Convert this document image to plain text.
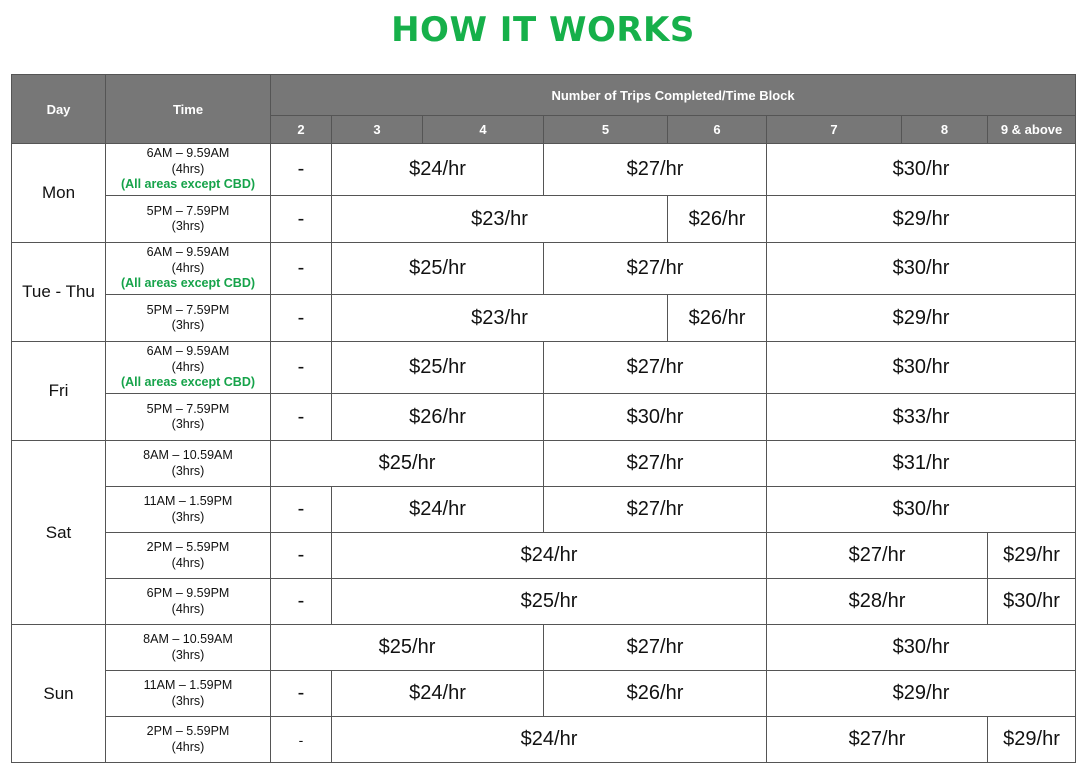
HOW IT WORKS
Day	Time	Number of Trips Completed/Time Block							
		2	3	4	5	6	7	8	9 & above
Mon	6AM – 9.59AM
(4hrs)
(All areas except CBD)	-	$24/hr		$27/hr		$30/hr		

	5PM – 7.59PM
(3hrs)	-	$23/hr			$26/hr	$29/hr		
Tue - Thu	6AM – 9.59AM
(4hrs)
(All areas except CBD)	-	$25/hr		$27/hr		$30/hr		

	5PM – 7.59PM
(3hrs)	-	$23/hr			$26/hr	$29/hr		
Fri	6AM – 9.59AM
(4hrs)
(All areas except CBD)	-	$25/hr		$27/hr		$30/hr		

	5PM – 7.59PM
(3hrs)	-	$26/hr		$30/hr		$33/hr		
Sat	8AM – 10.59AM
(3hrs)	$25/hr			$27/hr		$31/hr		

	11AM – 1.59PM
(3hrs)	-	$24/hr		$27/hr		$30/hr		

	2PM – 5.59PM
(4hrs)	-	$24/hr				$27/hr		$29/hr

	6PM – 9.59PM
(4hrs)	-	$25/hr				$28/hr		$30/hr
Sun	8AM – 10.59AM
(3hrs)	$25/hr			$27/hr		$30/hr		

	11AM – 1.59PM
(3hrs)	-	$24/hr		$26/hr		$29/hr		

	2PM – 5.59PM
(4hrs)	-	$24/hr				$27/hr		$29/hr
